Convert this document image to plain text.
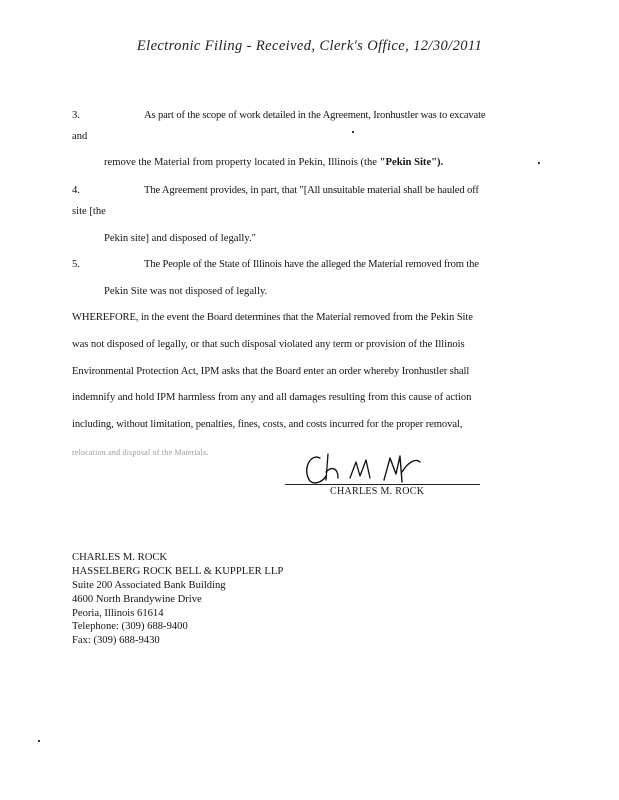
Electronic Filing - Received, Clerk's Office, 12/30/2011
3.	As part of the scope of work detailed in the Agreement, Ironhustler was to excavate
and
remove the Material from property located in Pekin, Illinois (the "Pekin Site").
4.	The Agreement provides, in part, that "[All unsuitable material shall be hauled off
site [the
Pekin site] and disposed of legally."
5.	The People of the State of Illinois have the alleged the Material removed from the
Pekin Site was not disposed of legally.
WHEREFORE, in the event the Board determines that the Material removed from the Pekin Site
was not disposed of legally, or that such disposal violated any term or provision of the Illinois
Environmental Protection Act, IPM asks that the Board enter an order whereby Ironhustler shall
indemnify and hold IPM harmless from any and all damages resulting from this cause of action
including, without limitation, penalties, fines, costs, and costs incurred for the proper removal,
relocation and disposal of the Materials.
CHARLES M. ROCK
CHARLES M. ROCK
HASSELBERG ROCK BELL & KUPPLER LLP
Suite 200 Associated Bank Building
4600 North Brandywine Drive
Peoria, Illinois 61614
Telephone: (309) 688-9400
Fax: (309) 688-9430
